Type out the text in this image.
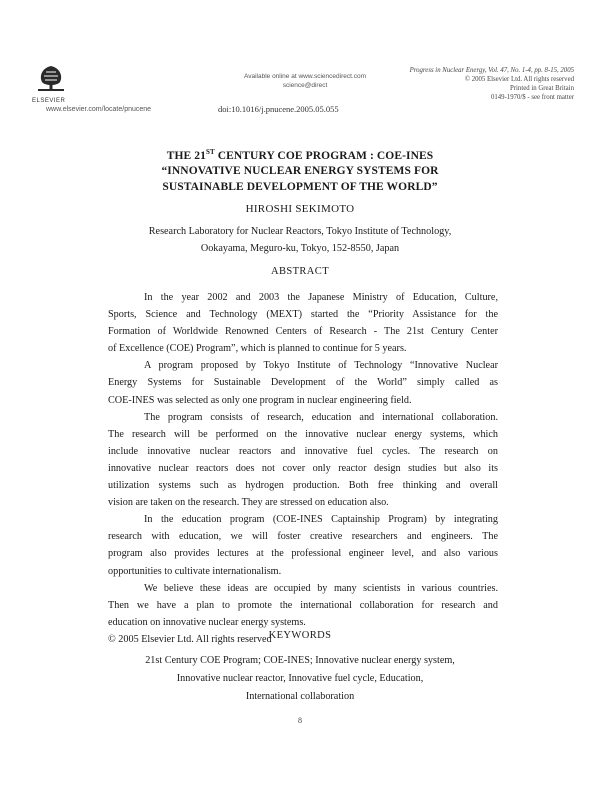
ELSEVIER
www.elsevier.com/locate/pnucene
Available online at www.sciencedirect.com
science@direct
doi:10.1016/j.pnucene.2005.05.055
Progress in Nuclear Energy, Vol. 47, No. 1-4, pp. 8-15, 2005
© 2005 Elsevier Ltd. All rights reserved
Printed in Great Britain
0149-1970/$ - see front matter
THE 21ST CENTURY COE PROGRAM : COE-INES
“INNOVATIVE NUCLEAR ENERGY SYSTEMS FOR
SUSTAINABLE DEVELOPMENT OF THE WORLD”
HIROSHI SEKIMOTO
Research Laboratory for Nuclear Reactors, Tokyo Institute of Technology,
Ookayama, Meguro-ku, Tokyo, 152-8550, Japan
ABSTRACT
In the year 2002 and 2003 the Japanese Ministry of Education, Culture,
Sports, Science and Technology (MEXT) started the “Priority Assistance for the
Formation of Worldwide Renowned Centers of Research - The 21st Century Center
of Excellence (COE) Program”, which is planned to continue for 5 years.
A program proposed by Tokyo Institute of Technology “Innovative Nuclear
Energy Systems for Sustainable Development of the World” simply called as
COE-INES was selected as only one program in nuclear engineering field.
The program consists of research, education and international collaboration.
The research will be performed on the innovative nuclear energy systems, which
include innovative nuclear reactors and innovative fuel cycles. The research on
innovative nuclear reactors does not cover only reactor design studies but also its
utilization systems such as hydrogen production. Both free thinking and overall
vision are taken on the research. They are stressed on education also.
In the education program (COE-INES Captainship Program) by integrating
research with education, we will foster creative researchers and engineers. The
program also provides lectures at the professional engineer level, and also various
opportunities to cultivate internationalism.
We believe these ideas are occupied by many scientists in various countries.
Then we have a plan to promote the international collaboration for research and
education on innovative nuclear energy systems.
© 2005 Elsevier Ltd. All rights reserved
KEYWORDS
21st Century COE Program; COE-INES; Innovative nuclear energy system,
Innovative nuclear reactor, Innovative fuel cycle, Education,
International collaboration
8
